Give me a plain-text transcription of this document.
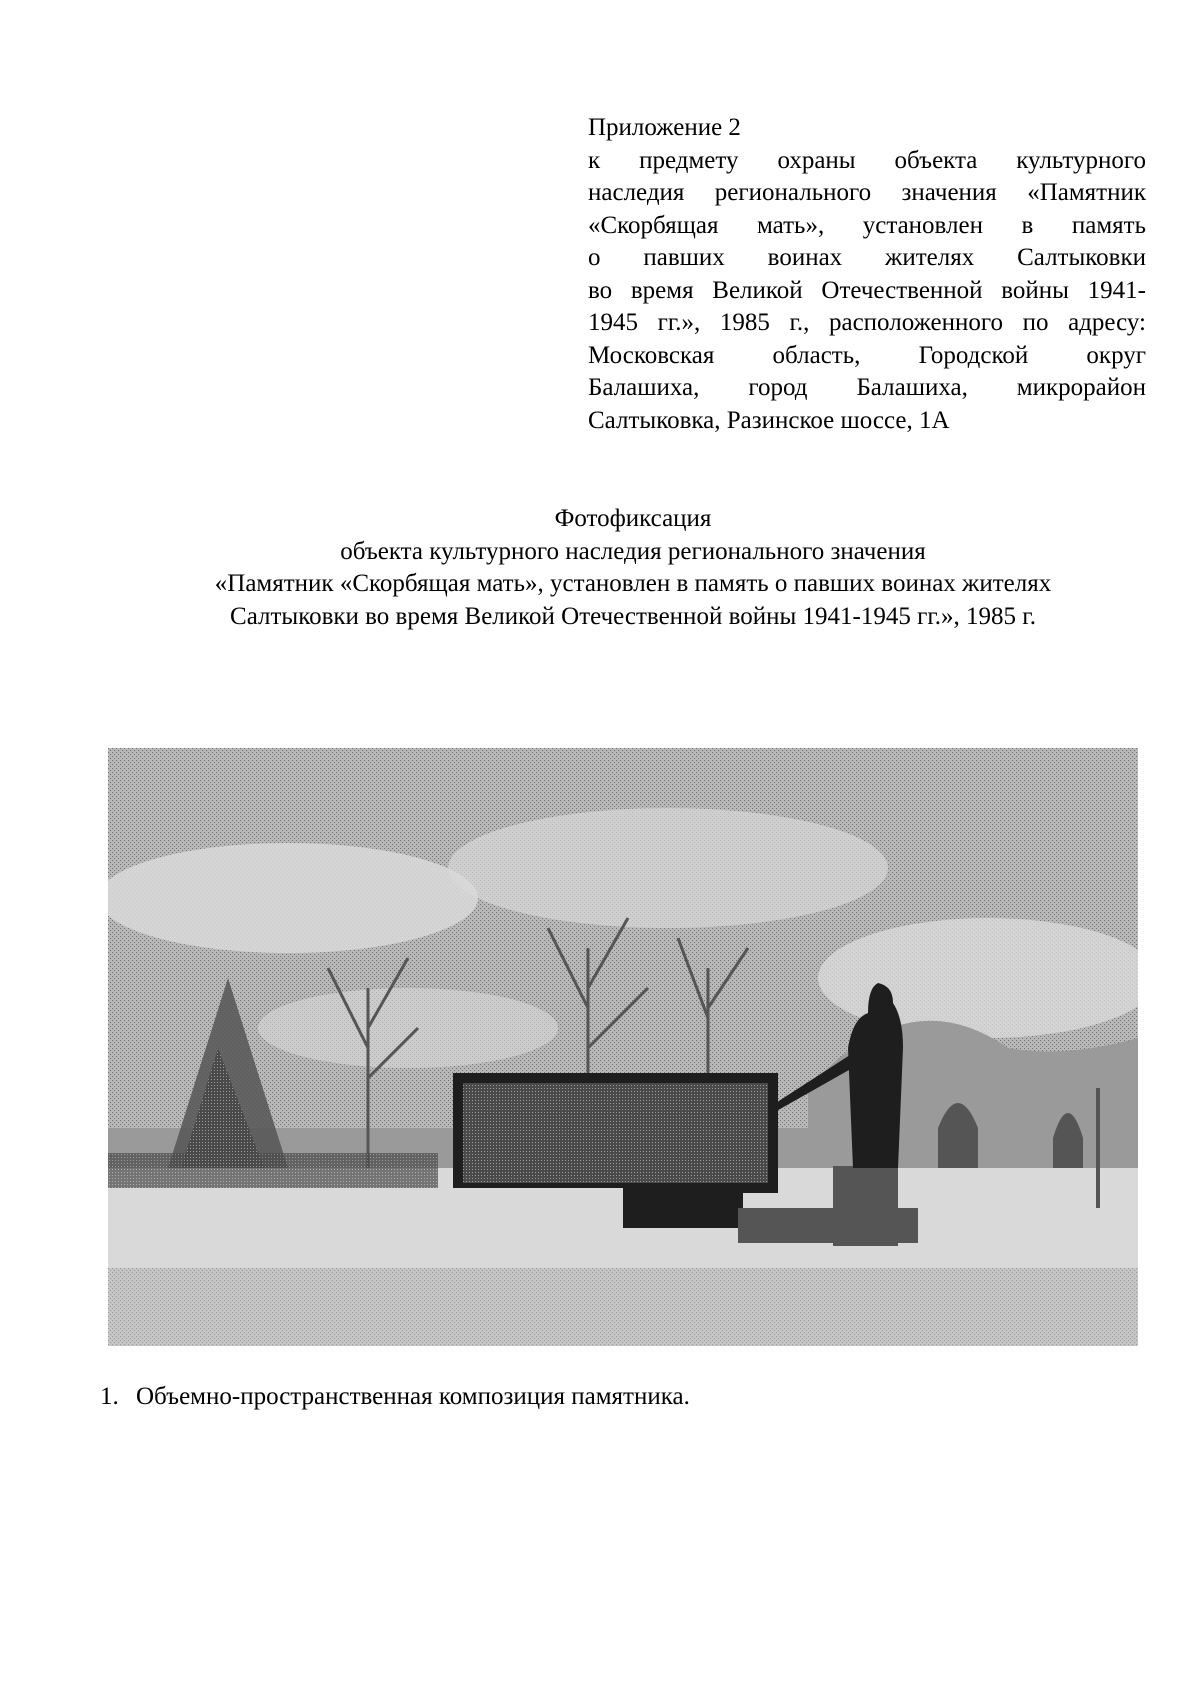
Приложение 2
к предмету охраны объекта культурного
наследия регионального значения «Памятник
«Скорбящая мать», установлен в память
о павших воинах жителях Салтыковки
во время Великой Отечественной войны 1941-
1945 гг.», 1985 г., расположенного по адресу:
Московская область, Городской округ
Балашиха, город Балашиха, микрорайон
Салтыковка, Разинское шоссе, 1А
Фотофиксация
объекта культурного наследия регионального значения
«Памятник «Скорбящая мать», установлен в память о павших воинах жителях
Салтыковки во время Великой Отечественной войны 1941-1945 гг.», 1985 г.
1. Объемно-пространственная композиция памятника.
